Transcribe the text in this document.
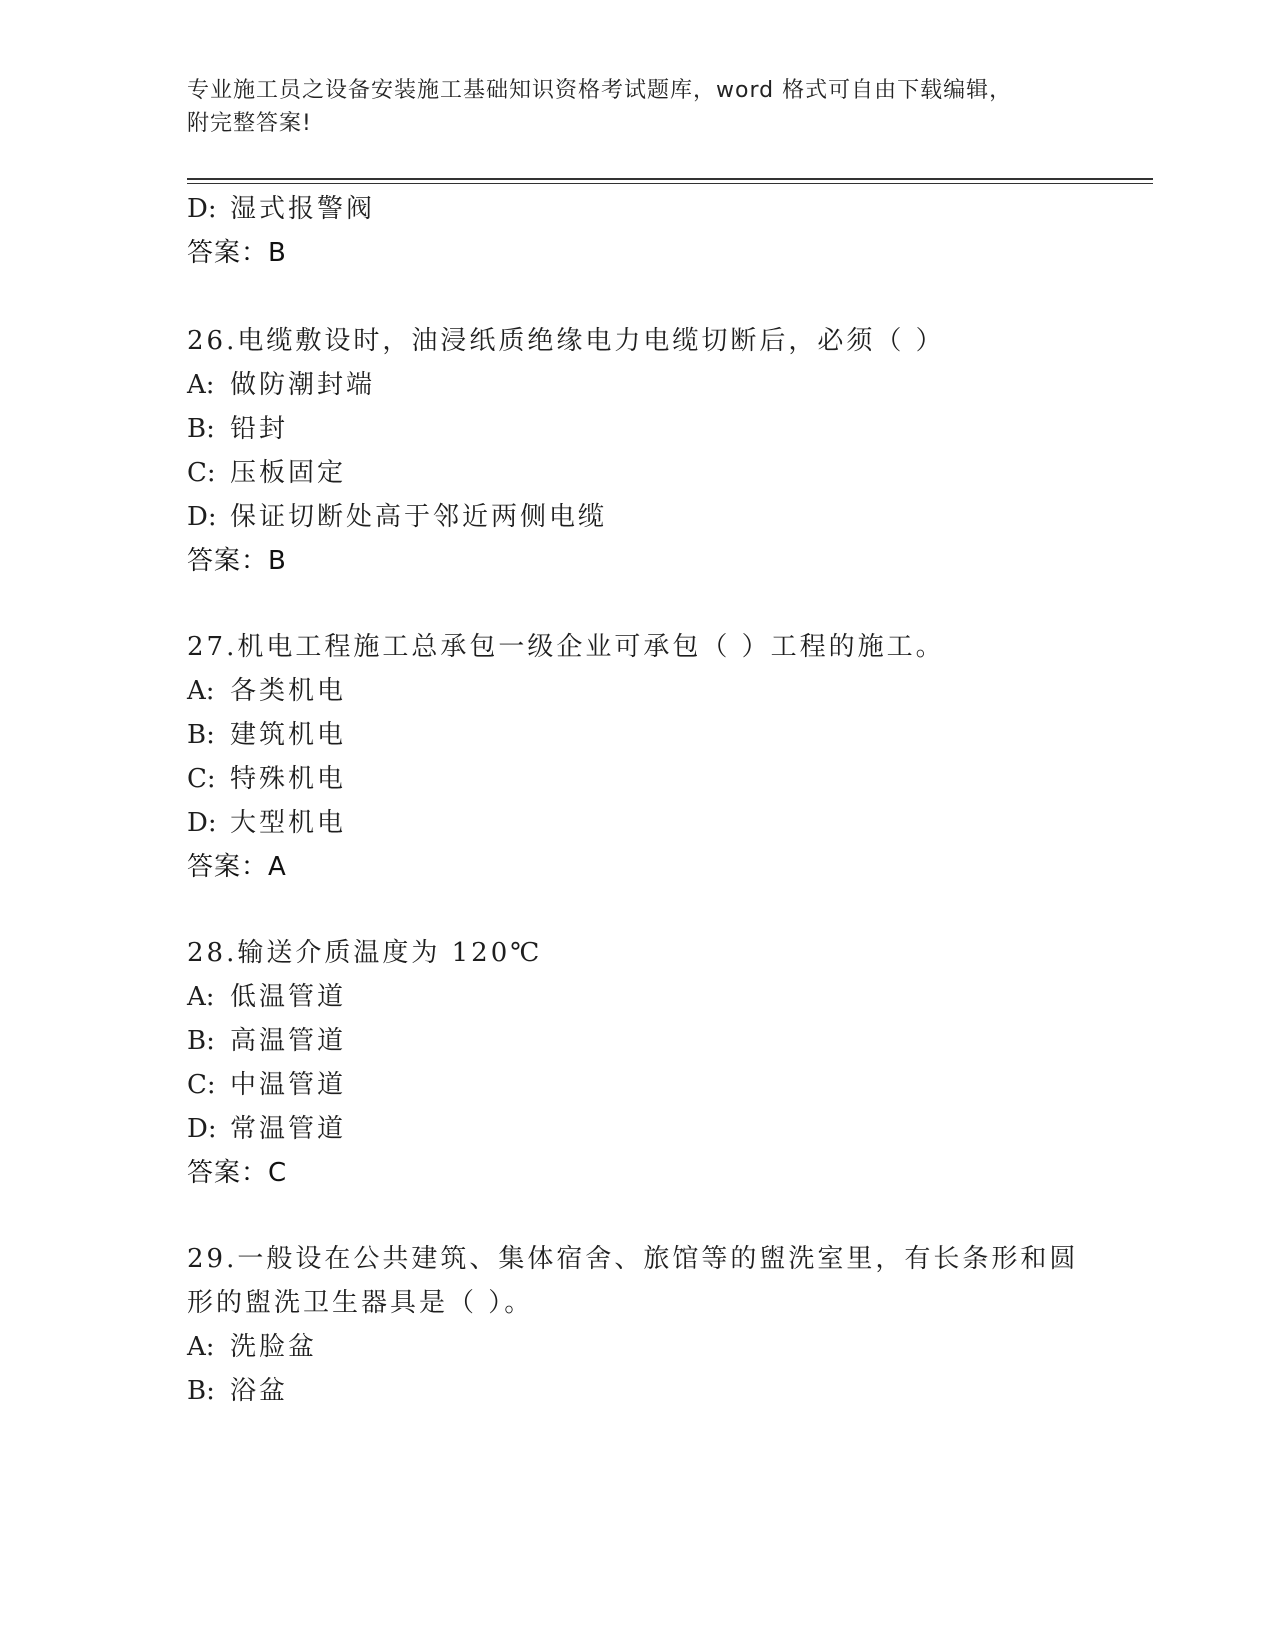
专业施工员之设备安装施工基础知识资格考试题库，word 格式可自由下载编辑，
附完整答案!
D: 湿式报警阀
答案：B
26.电缆敷设时，油浸纸质绝缘电力电缆切断后，必须（ ）
A: 做防潮封端
B: 铅封
C: 压板固定
D: 保证切断处高于邻近两侧电缆
答案：B
27.机电工程施工总承包一级企业可承包（ ）工程的施工。
A: 各类机电
B: 建筑机电
C: 特殊机电
D: 大型机电
答案：A
28.输送介质温度为 120℃
A: 低温管道
B: 高温管道
C: 中温管道
D: 常温管道
答案：C
29.一般设在公共建筑、集体宿舍、旅馆等的盥洗室里，有长条形和圆
形的盥洗卫生器具是（ ）。
A: 洗脸盆
B: 浴盆
